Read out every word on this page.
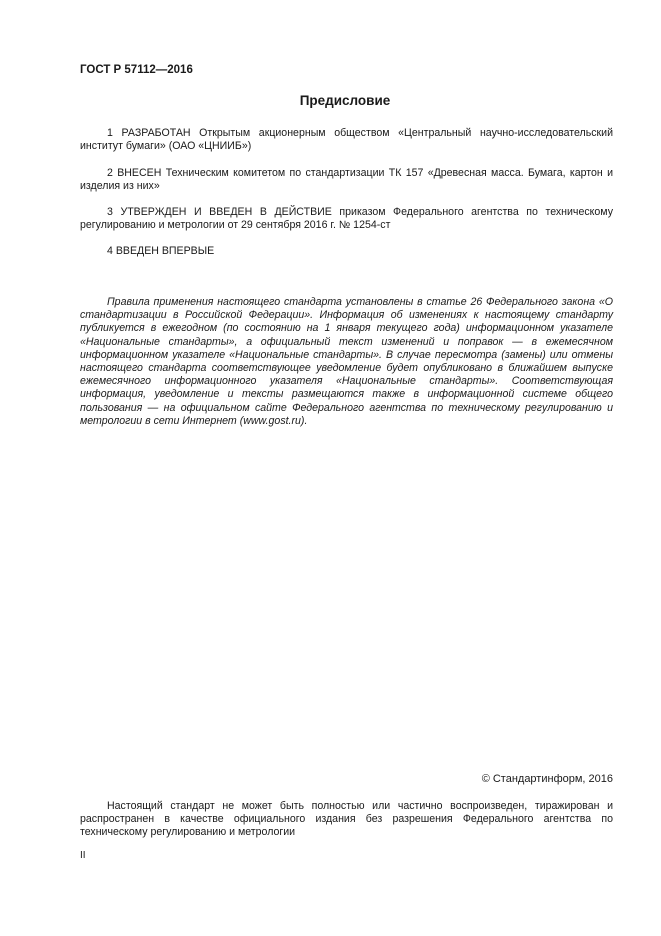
ГОСТ Р 57112—2016
Предисловие
1 РАЗРАБОТАН Открытым акционерным обществом «Центральный научно-исследовательский институт бумаги» (ОАО «ЦНИИБ»)
2 ВНЕСЕН Техническим комитетом по стандартизации ТК 157 «Древесная масса. Бумага, картон и изделия из них»
3 УТВЕРЖДЕН И ВВЕДЕН В ДЕЙСТВИЕ приказом Федерального агентства по техническому регулированию и метрологии от 29 сентября 2016 г. № 1254-ст
4 ВВЕДЕН ВПЕРВЫЕ
Правила применения настоящего стандарта установлены в статье 26 Федерального закона «О стандартизации в Российской Федерации». Информация об изменениях к настоящему стандарту публикуется в ежегодном (по состоянию на 1 января текущего года) информационном указателе «Национальные стандарты», а официальный текст изменений и поправок — в ежемесячном информационном указателе «Национальные стандарты». В случае пересмотра (замены) или отмены настоящего стандарта соответствующее уведомление будет опубликовано в ближайшем выпуске ежемесячного информационного указателя «Национальные стандарты». Соответствующая информация, уведомление и тексты размещаются также в информационной системе общего пользования — на официальном сайте Федерального агентства по техническому регулированию и метрологии в сети Интернет (www.gost.ru).
© Стандартинформ, 2016
Настоящий стандарт не может быть полностью или частично воспроизведен, тиражирован и распространен в качестве официального издания без разрешения Федерального агентства по техническому регулированию и метрологии
II
